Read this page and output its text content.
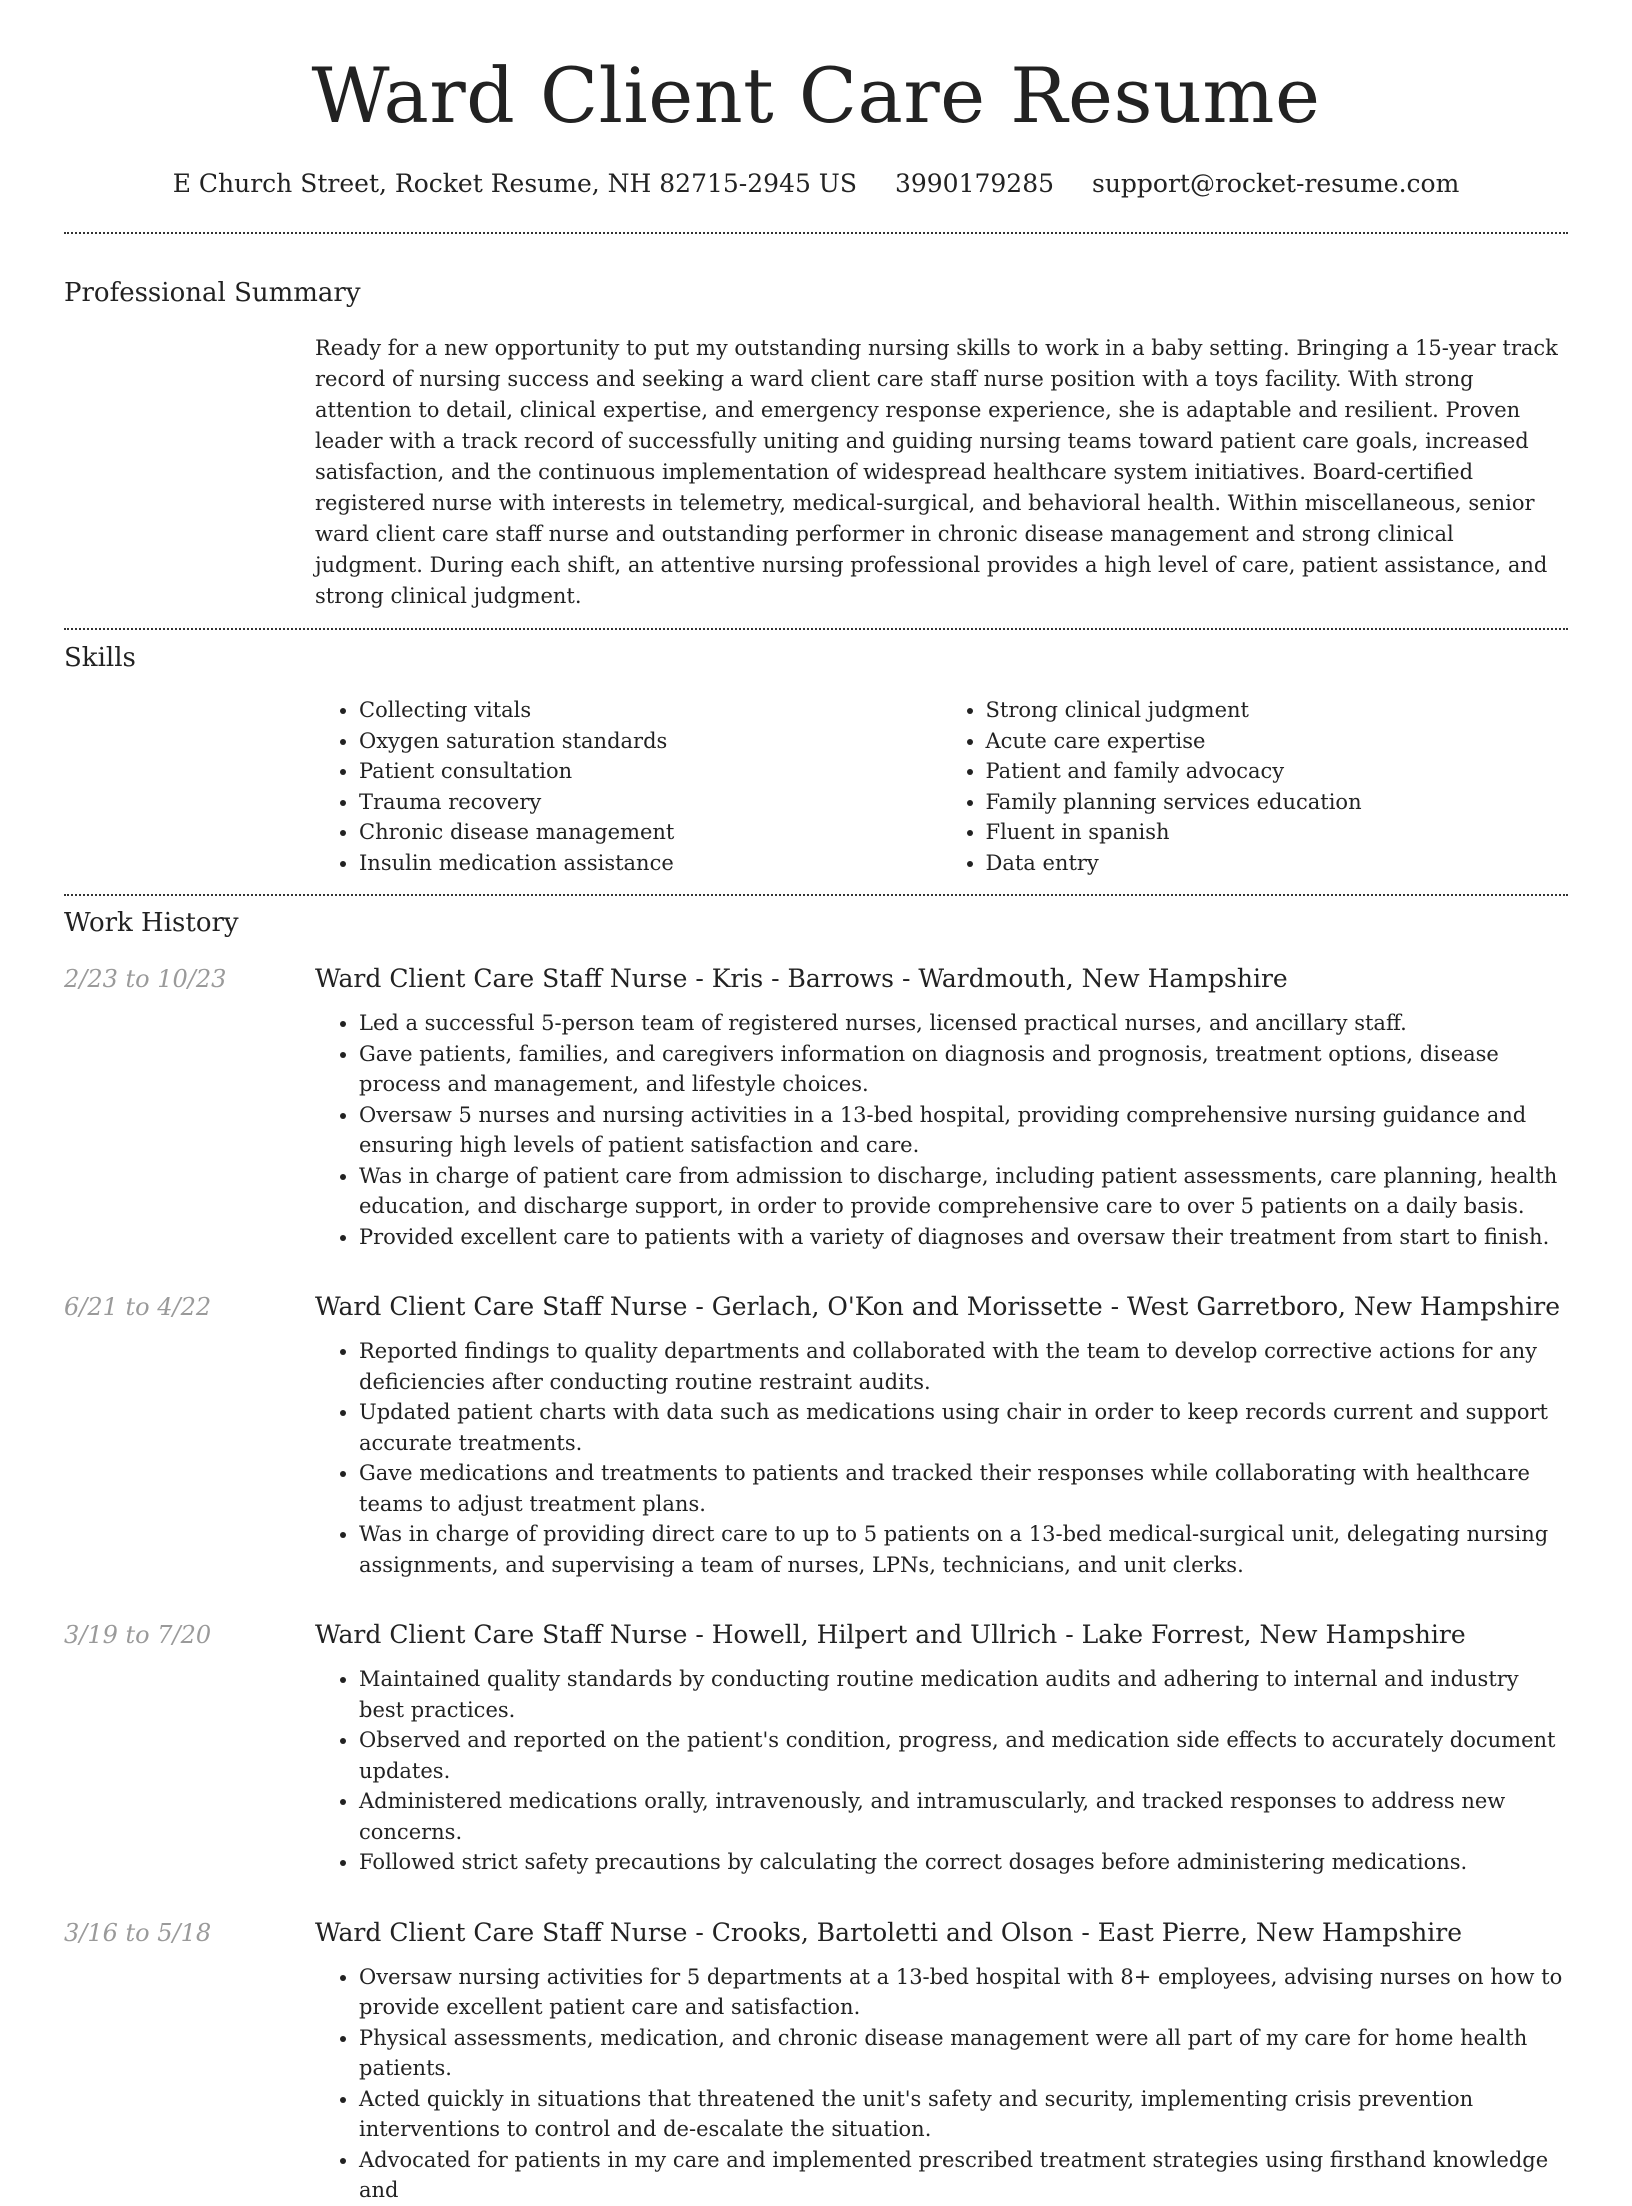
Ward Client Care Resume
E Church Street, Rocket Resume, NH 82715-2945 US 3990179285 support@rocket-resume.com
Professional Summary

Ready for a new opportunity to put my outstanding nursing skills to work in a baby setting. Bringing a 15-year track record of nursing success and seeking a ward client care staff nurse position with a toys facility. With strong attention to detail, clinical expertise, and emergency response experience, she is adaptable and resilient. Proven leader with a track record of successfully uniting and guiding nursing teams toward patient care goals, increased satisfaction, and the continuous implementation of widespread healthcare system initiatives. Board-certified registered nurse with interests in telemetry, medical-surgical, and behavioral health. Within miscellaneous, senior ward client care staff nurse and outstanding performer in chronic disease management and strong clinical judgment. During each shift, an attentive nursing professional provides a high level of care, patient assistance, and strong clinical judgment.

Skills
• Collecting vitals
• Oxygen saturation standards
• Patient consultation
• Trauma recovery
• Chronic disease management
• Insulin medication assistance
• Strong clinical judgment
• Acute care expertise
• Patient and family advocacy
• Family planning services education
• Fluent in spanish
• Data entry
Work History
2/23 to 10/23	Ward Client Care Staff Nurse - Kris - Barrows - Wardmouth, New Hampshire
• Led a successful 5-person team of registered nurses, licensed practical nurses, and ancillary staff.
• Gave patients, families, and caregivers information on diagnosis and prognosis, treatment options, disease process and management, and lifestyle choices.
• Oversaw 5 nurses and nursing activities in a 13-bed hospital, providing comprehensive nursing guidance and ensuring high levels of patient satisfaction and care.
• Was in charge of patient care from admission to discharge, including patient assessments, care planning, health education, and discharge support, in order to provide comprehensive care to over 5 patients on a daily basis.
• Provided excellent care to patients with a variety of diagnoses and oversaw their treatment from start to finish.
6/21 to 4/22	Ward Client Care Staff Nurse - Gerlach, O'Kon and Morissette - West Garretboro, New Hampshire
• Reported findings to quality departments and collaborated with the team to develop corrective actions for any deficiencies after conducting routine restraint audits.
• Updated patient charts with data such as medications using chair in order to keep records current and support accurate treatments.
• Gave medications and treatments to patients and tracked their responses while collaborating with healthcare teams to adjust treatment plans.
• Was in charge of providing direct care to up to 5 patients on a 13-bed medical-surgical unit, delegating nursing assignments, and supervising a team of nurses, LPNs, technicians, and unit clerks.
3/19 to 7/20	Ward Client Care Staff Nurse - Howell, Hilpert and Ullrich - Lake Forrest, New Hampshire
• Maintained quality standards by conducting routine medication audits and adhering to internal and industry best practices.
• Observed and reported on the patient's condition, progress, and medication side effects to accurately document updates.
• Administered medications orally, intravenously, and intramuscularly, and tracked responses to address new concerns.
• Followed strict safety precautions by calculating the correct dosages before administering medications.
3/16 to 5/18	Ward Client Care Staff Nurse - Crooks, Bartoletti and Olson - East Pierre, New Hampshire
• Oversaw nursing activities for 5 departments at a 13-bed hospital with 8+ employees, advising nurses on how to provide excellent patient care and satisfaction.
• Physical assessments, medication, and chronic disease management were all part of my care for home health patients.
• Acted quickly in situations that threatened the unit's safety and security, implementing crisis prevention interventions to control and de-escalate the situation.
• Advocated for patients in my care and implemented prescribed treatment strategies using firsthand knowledge and
